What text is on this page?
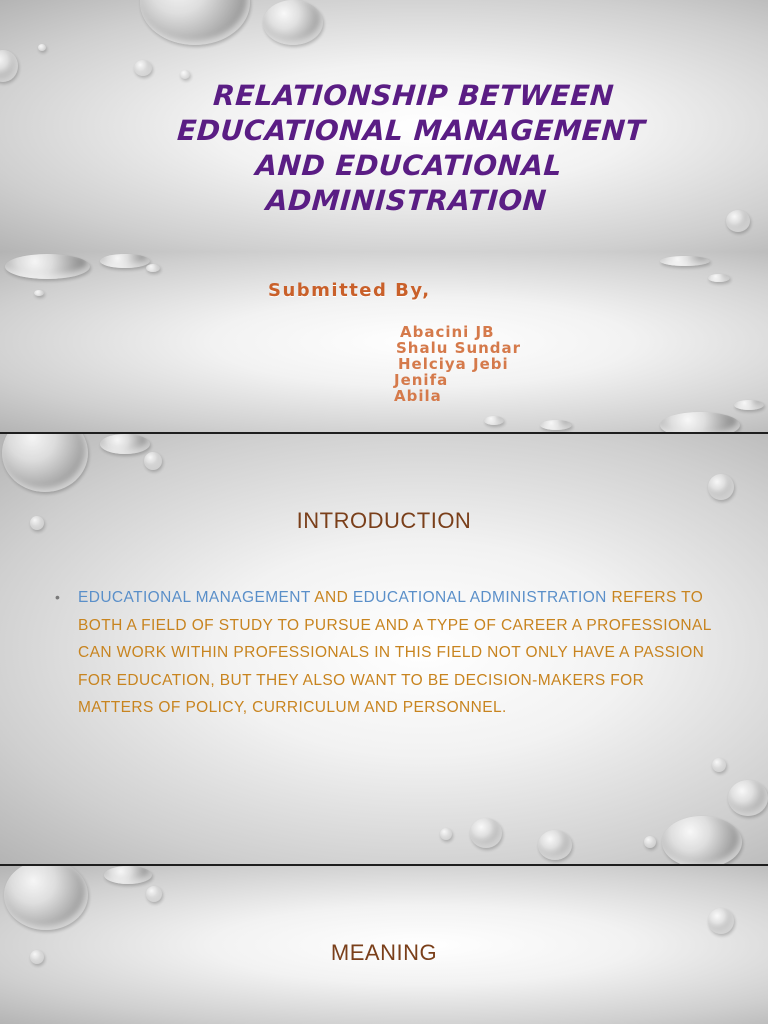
RELATIONSHIP BETWEEN EDUCATIONAL MANAGEMENT AND EDUCATIONAL ADMINISTRATION
Submitted By,
Abacini JB
Shalu Sundar
Helciya Jebi
Jenifa
Abila
INTRODUCTION

•	EDUCATIONAL MANAGEMENT AND EDUCATIONAL ADMINISTRATION REFERS TO BOTH A FIELD OF STUDY TO PURSUE AND A TYPE OF CAREER A PROFESSIONAL CAN WORK WITHIN PROFESSIONALS IN THIS FIELD NOT ONLY HAVE A PASSION FOR EDUCATION, BUT THEY ALSO WANT TO BE DECISION-MAKERS FOR MATTERS OF POLICY, CURRICULUM AND PERSONNEL.

MEANING
